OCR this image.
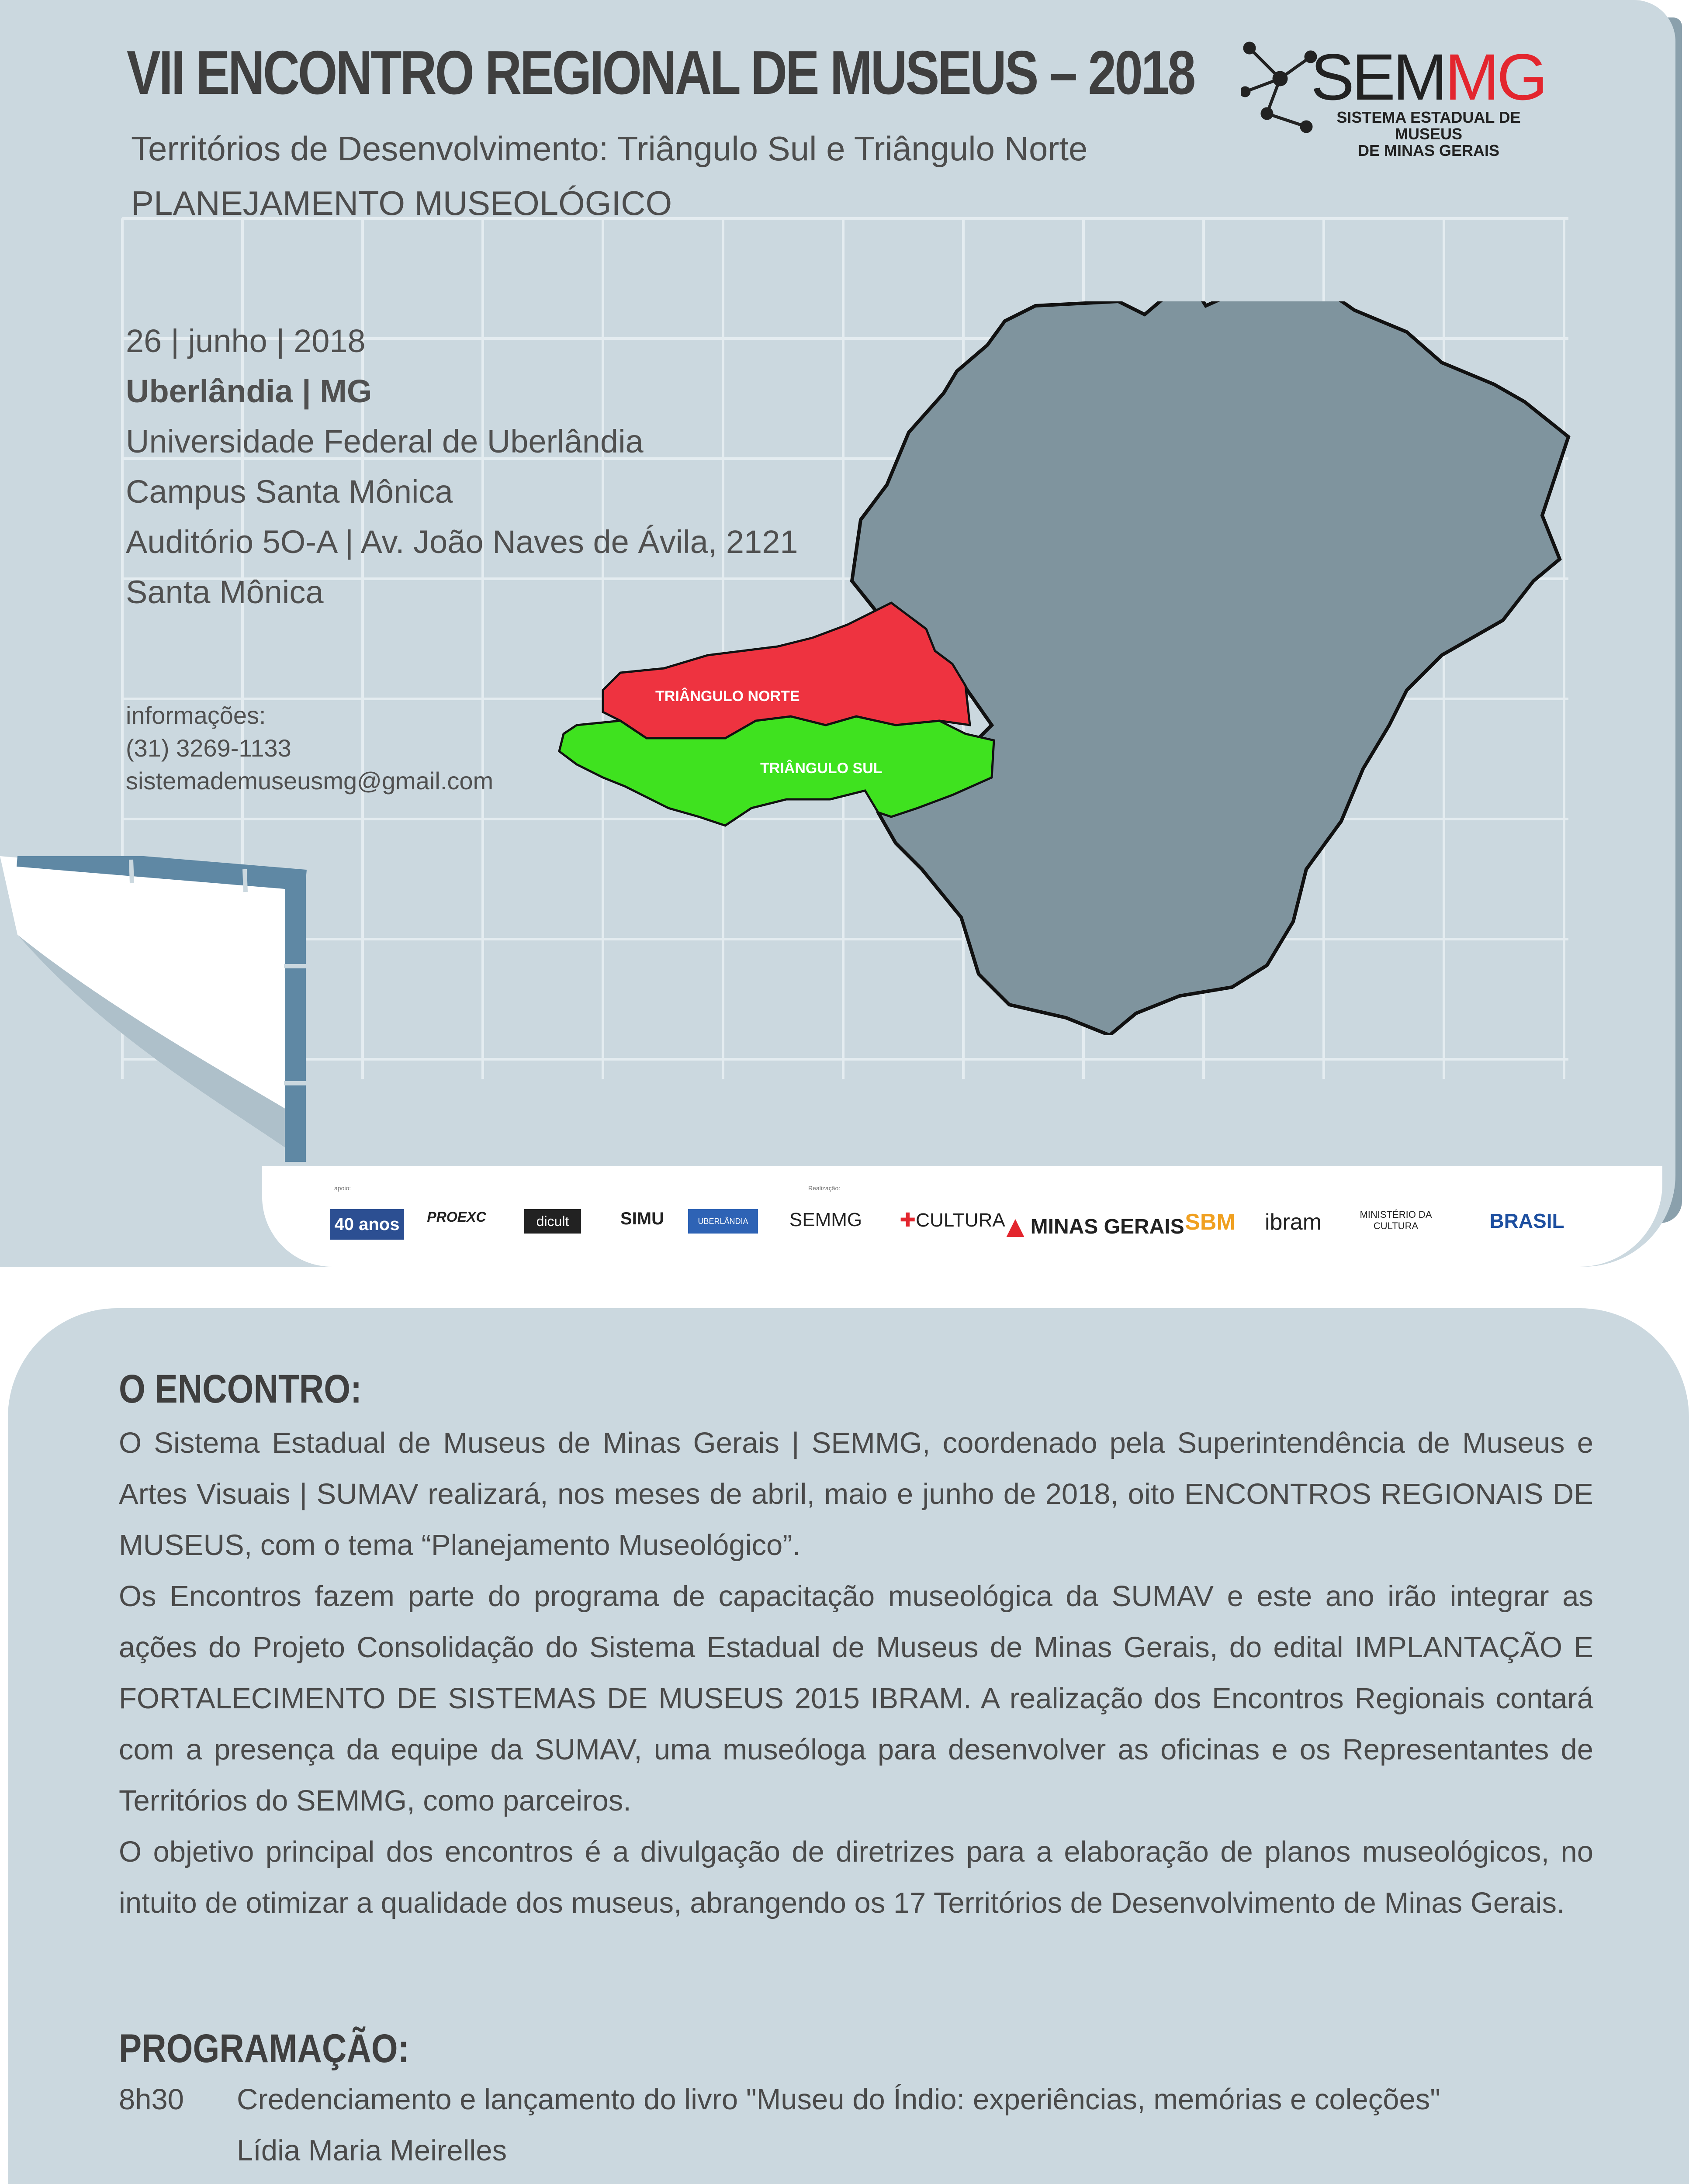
VII ENCONTRO REGIONAL DE MUSEUS – 2018
Territórios de Desenvolvimento: Triângulo Sul e Triângulo Norte
PLANEJAMENTO MUSEOLÓGICO
SEMMG
SISTEMA ESTADUAL DE MUSEUS
DE MINAS GERAIS
26 | junho | 2018
Uberlândia | MG
Universidade Federal de Uberlândia
Campus Santa Mônica
Auditório 5O-A | Av. João Naves de Ávila, 2121
Santa Mônica
informações:
(31) 3269-1133
sistemademuseusmg@gmail.com
TRIÂNGULO NORTE
TRIÂNGULO SUL
apoio:	Realização:
40 anos	PROEXC	dicult	SIMU	UBERLÂNDIA	SEMMG	✚ CULTURA
▲ MINAS GERAIS SBM	ibram	MINISTÉRIO DA CULTURA	BRASIL
O ENCONTRO:

O Sistema Estadual de Museus de Minas Gerais | SEMMG, coordenado pela Superintendência de Museus e Artes Visuais | SUMAV realizará, nos meses de abril, maio e junho de 2018, oito ENCONTROS REGIONAIS DE MUSEUS, com o tema “Planejamento Museológico”.

Os Encontros fazem parte do programa de capacitação museológica da SUMAV e este ano irão integrar as ações do Projeto Consolidação do Sistema Estadual de Museus de Minas Gerais, do edital IMPLANTAÇÃO E FORTALECIMENTO DE SISTEMAS DE MUSEUS 2015 IBRAM. A realização dos Encontros Regionais contará com a presença da equipe da SUMAV, uma museóloga para desenvolver as oficinas e os Representantes de Territórios do SEMMG, como parceiros.

O objetivo principal dos encontros é a divulgação de diretrizes para a elaboração de planos museológicos, no intuito de otimizar a qualidade dos museus, abrangendo os 17 Territórios de Desenvolvimento de Minas Gerais.

PROGRAMAÇÃO:
8h30 Credenciamento e lançamento do livro "Museu do Índio: experiências, memórias e coleções"
Lídia Maria Meirelles
